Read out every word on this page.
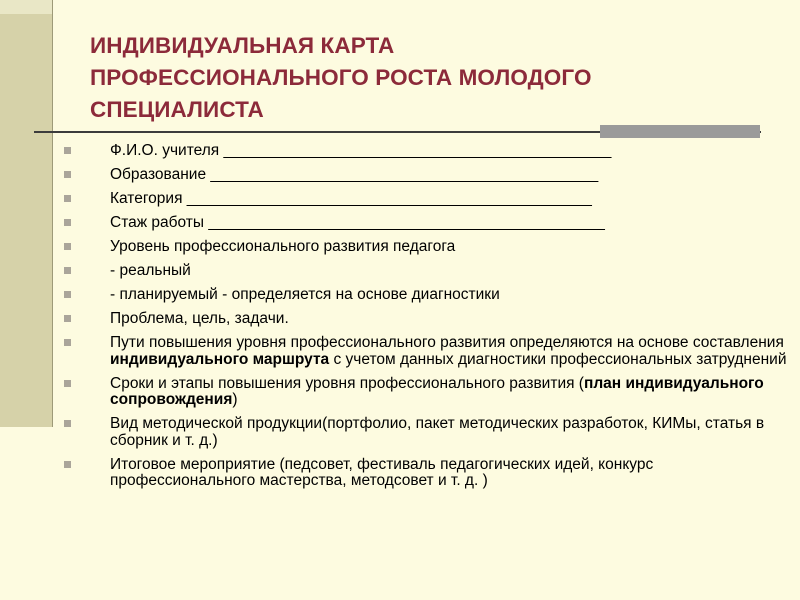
ИНДИВИДУАЛЬНАЯ КАРТА
ПРОФЕССИОНАЛЬНОГО РОСТА МОЛОДОГО
СПЕЦИАЛИСТА
Ф.И.О. учителя _____________________________________________
Образование _____________________________________________
Категория _______________________________________________
Стаж работы ______________________________________________
Уровень профессионального развития педагога
- реальный
- планируемый - определяется на основе диагностики
Проблема, цель, задачи.
Пути повышения уровня профессионального развития определяются на основе составления индивидуального маршрута с учетом данных диагностики профессиональных затруднений
Сроки и этапы повышения уровня профессионального развития (план индивидуального сопровождения)
Вид методической продукции(портфолио, пакет методических разработок, КИМы, статья в сборник и т. д.)
Итоговое мероприятие (педсовет, фестиваль педагогических идей, конкурс профессионального мастерства, методсовет и т. д. )
